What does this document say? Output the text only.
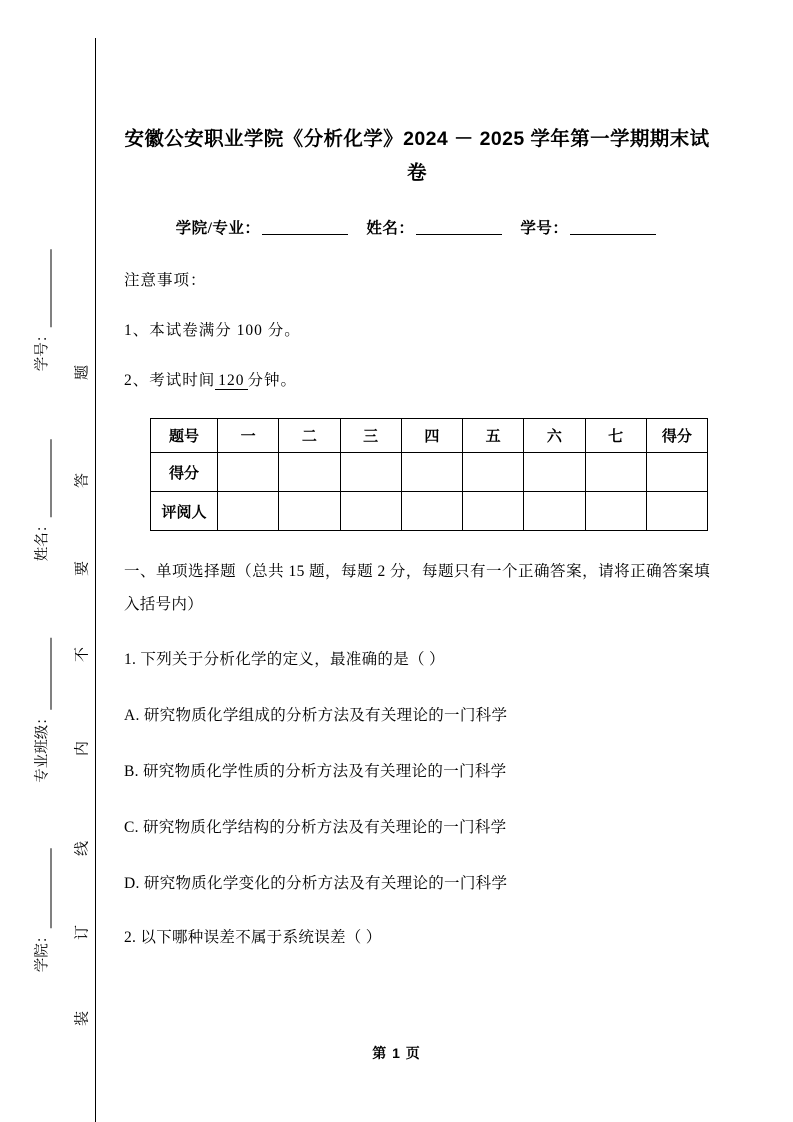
学号：
姓名：
专业班级：
学院：
题
答
要
不
内
线
订
装
安徽公安职业学院《分析化学》2024 － 2025 学年第一学期期末试卷
学院/专业：	姓名：	学号：
注意事项：
1、本试卷满分 100 分。
2、考试时间 120 分钟。
题号	一	二	三	四	五	六	七	得分
得分								
评阅人								
一、单项选择题（总共 15 题，每题 2 分，每题只有一个正确答案，请将正确答案填入括号内）
1. 下列关于分析化学的定义，最准确的是（ ）
A. 研究物质化学组成的分析方法及有关理论的一门科学
B. 研究物质化学性质的分析方法及有关理论的一门科学
C. 研究物质化学结构的分析方法及有关理论的一门科学
D. 研究物质化学变化的分析方法及有关理论的一门科学
2. 以下哪种误差不属于系统误差（ ）
第 1 页
